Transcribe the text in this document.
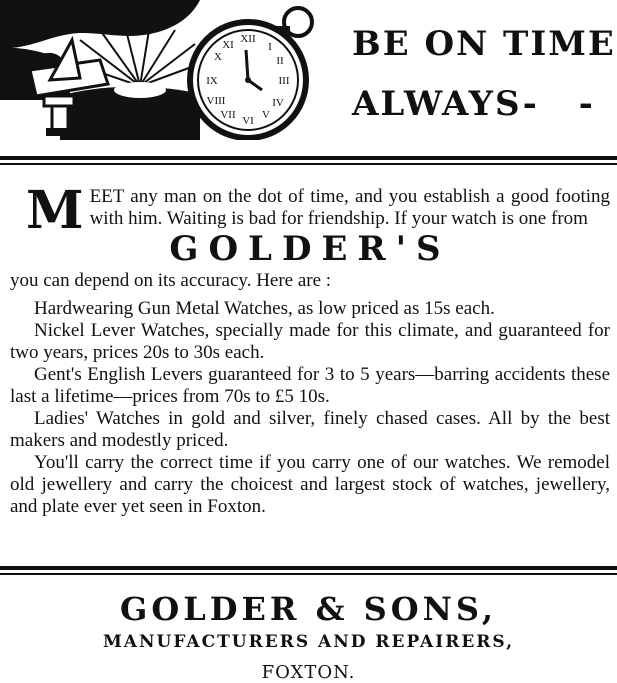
XII
III
VI
IX
I
II
IV
V
VII
VIII
X
XI	BE ON TIME
ALWAYS- -

MEET any man on the dot of time, and you establish a good footing with him. Waiting is bad for friendship. If your watch is one from

GOLDER'S

you can depend on its accuracy. Here are :

Hardwearing Gun Metal Watches, as low priced as 15s each.

Nickel Lever Watches, specially made for this climate, and guaranteed for two years, prices 20s to 30s each.

Gent's English Levers guaranteed for 3 to 5 years—barring accidents these last a lifetime—prices from 70s to £5 10s.

Ladies' Watches in gold and silver, finely chased cases. All by the best makers and modestly priced.

You'll carry the correct time if you carry one of our watches. We remodel old jewellery and carry the choicest and largest stock of watches, jewellery, and plate ever yet seen in Foxton.

GOLDER & SONS,
MANUFACTURERS AND REPAIRERS,
FOXTON.
